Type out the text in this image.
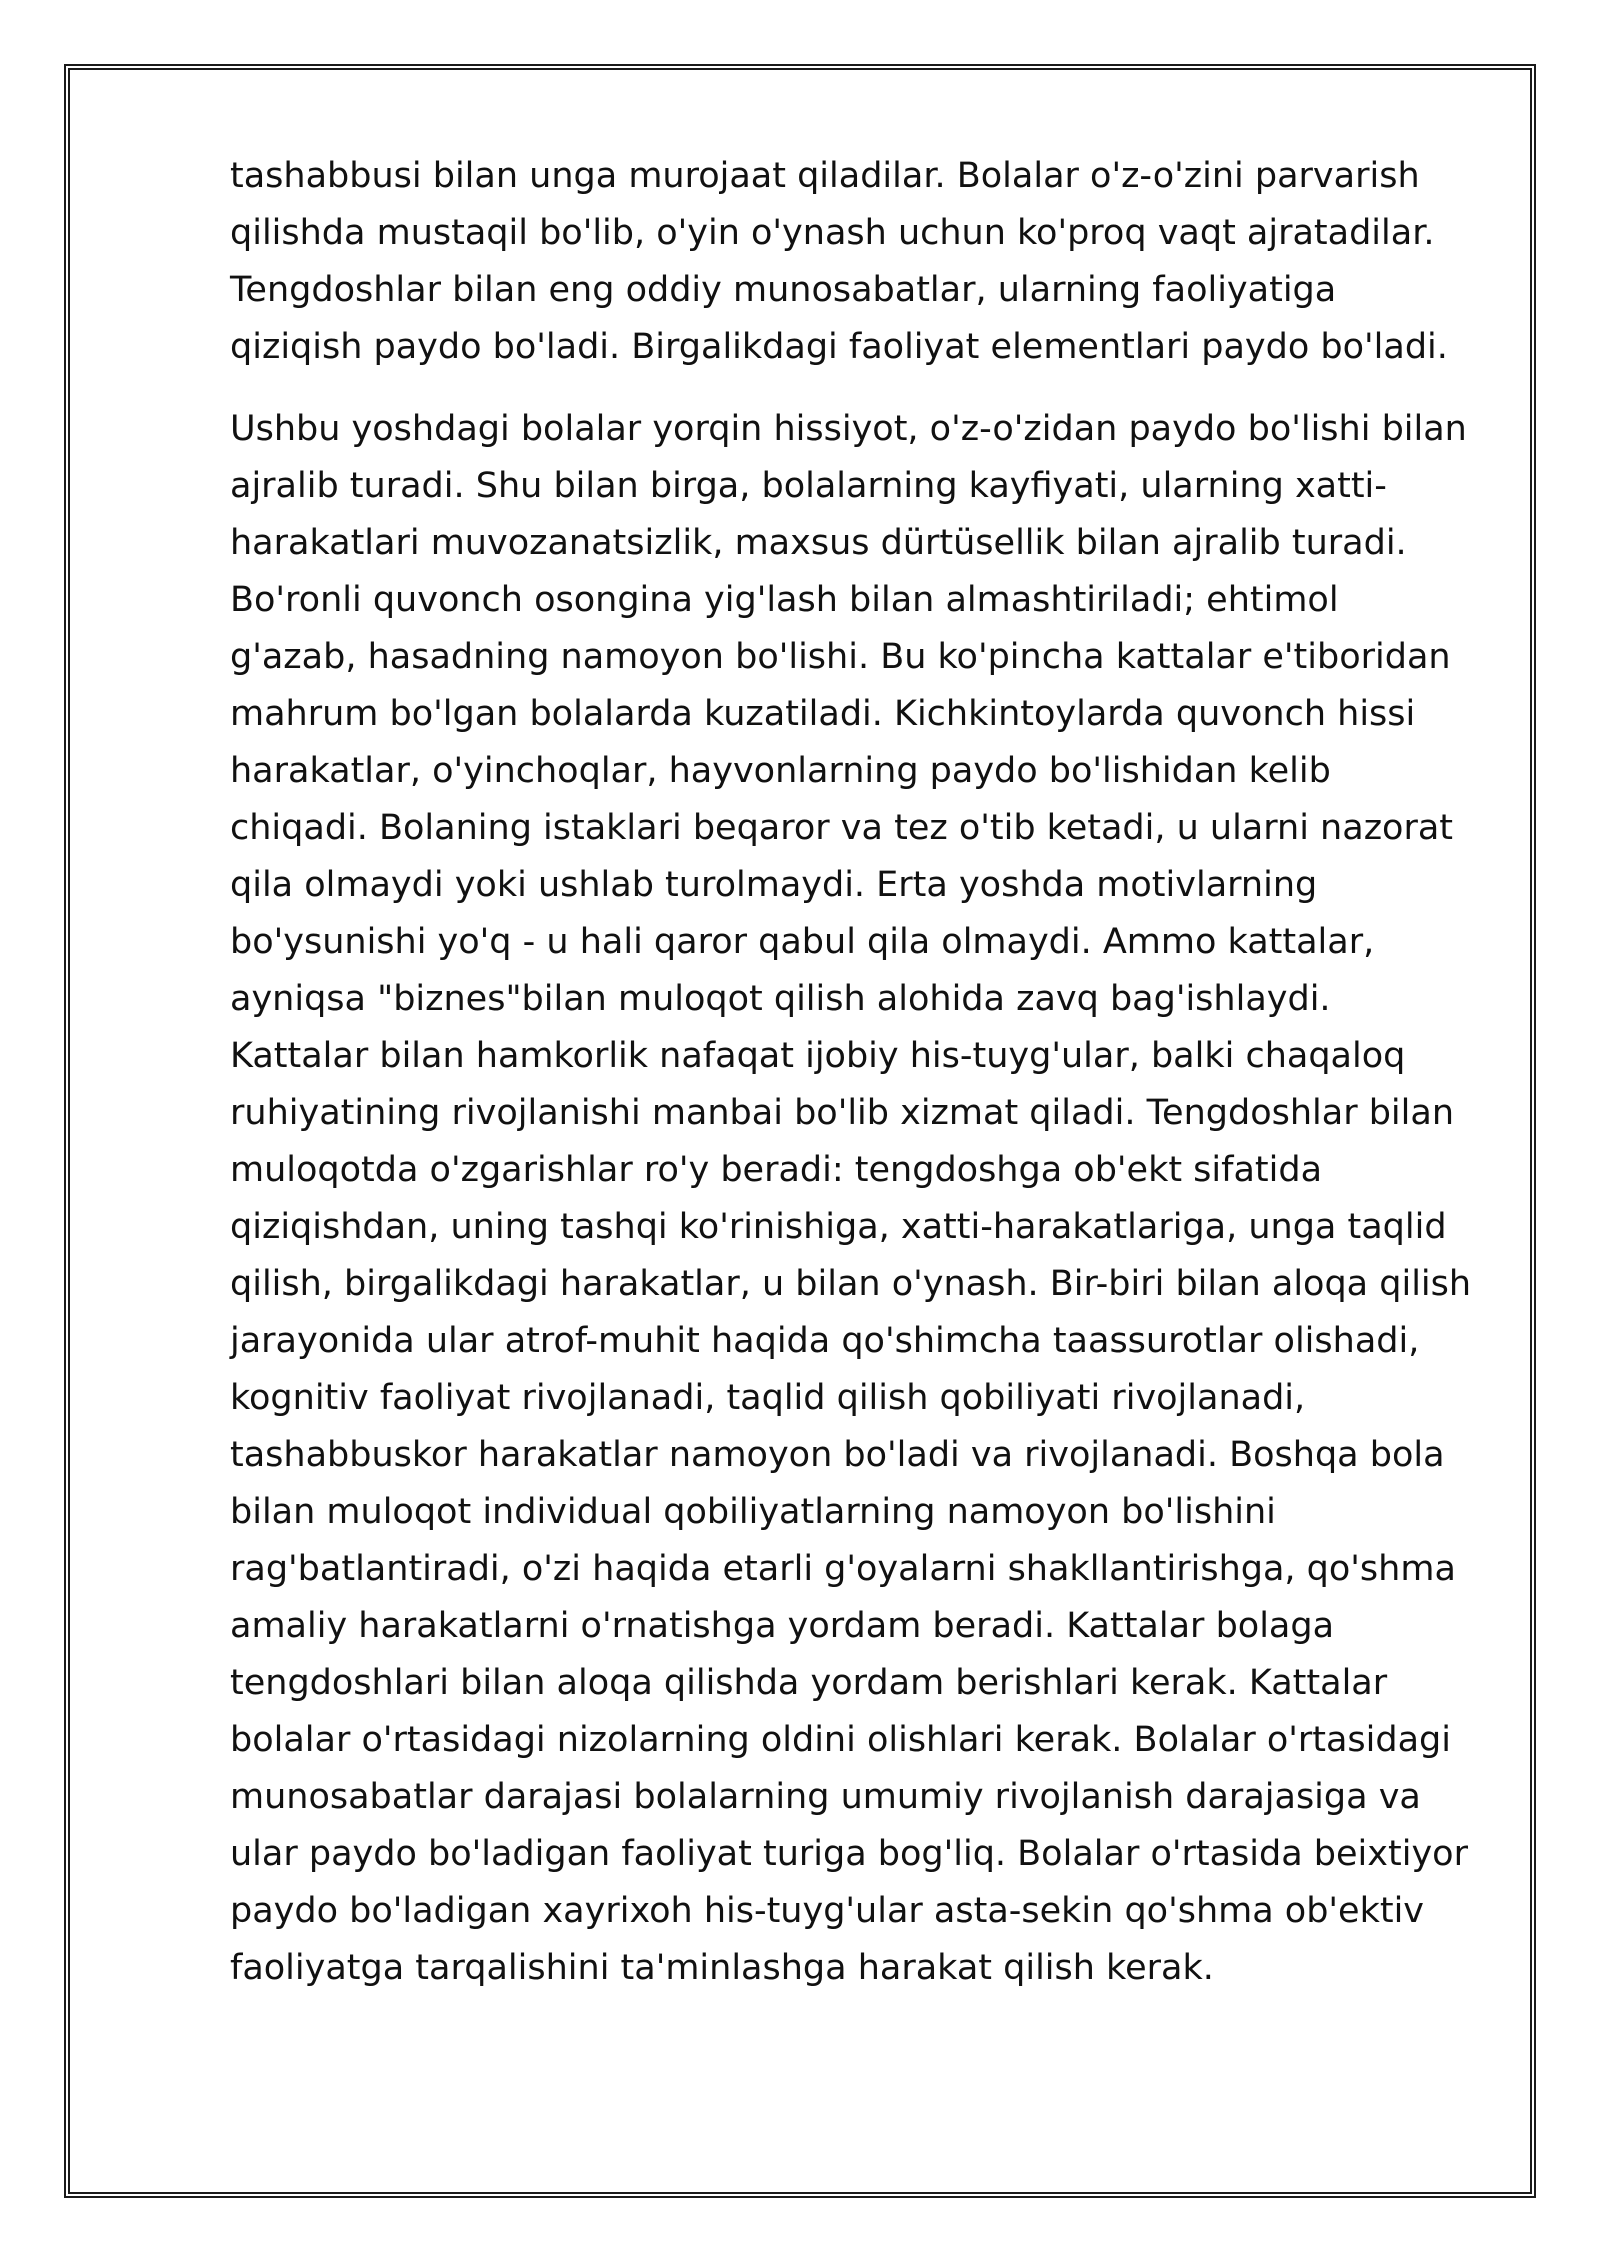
tashabbusi bilan unga murojaat qiladilar. Bolalar o'z-o'zini parvarish qilishda mustaqil bo'lib, o'yin o'ynash uchun ko'proq vaqt ajratadilar. Tengdoshlar bilan eng oddiy munosabatlar, ularning faoliyatiga qiziqish paydo bo'ladi. Birgalikdagi faoliyat elementlari paydo bo'ladi.

Ushbu yoshdagi bolalar yorqin hissiyot, o'z-o'zidan paydo bo'lishi bilan ajralib turadi. Shu bilan birga, bolalarning kayfiyati, ularning xatti-harakatlari muvozanatsizlik, maxsus dürtüsellik bilan ajralib turadi. Bo'ronli quvonch osongina yig'lash bilan almashtiriladi; ehtimol g'azab, hasadning namoyon bo'lishi. Bu ko'pincha kattalar e'tiboridan mahrum bo'lgan bolalarda kuzatiladi. Kichkintoylarda quvonch hissi harakatlar, o'yinchoqlar, hayvonlarning paydo bo'lishidan kelib chiqadi. Bolaning istaklari beqaror va tez o'tib ketadi, u ularni nazorat qila olmaydi yoki ushlab turolmaydi. Erta yoshda motivlarning bo'ysunishi yo'q - u hali qaror qabul qila olmaydi. Ammo kattalar, ayniqsa "biznes"bilan muloqot qilish alohida zavq bag'ishlaydi. Kattalar bilan hamkorlik nafaqat ijobiy his-tuyg'ular, balki chaqaloq ruhiyatining rivojlanishi manbai bo'lib xizmat qiladi. Tengdoshlar bilan muloqotda o'zgarishlar ro'y beradi: tengdoshga ob'ekt sifatida qiziqishdan, uning tashqi ko'rinishiga, xatti-harakatlariga, unga taqlid qilish, birgalikdagi harakatlar, u bilan o'ynash. Bir-biri bilan aloqa qilish jarayonida ular atrof-muhit haqida qo'shimcha taassurotlar olishadi, kognitiv faoliyat rivojlanadi, taqlid qilish qobiliyati rivojlanadi, tashabbuskor harakatlar namoyon bo'ladi va rivojlanadi. Boshqa bola bilan muloqot individual qobiliyatlarning namoyon bo'lishini rag'batlantiradi, o'zi haqida etarli g'oyalarni shakllantirishga, qo'shma amaliy harakatlarni o'rnatishga yordam beradi. Kattalar bolaga tengdoshlari bilan aloqa qilishda yordam berishlari kerak. Kattalar bolalar o'rtasidagi nizolarning oldini olishlari kerak. Bolalar o'rtasidagi munosabatlar darajasi bolalarning umumiy rivojlanish darajasiga va ular paydo bo'ladigan faoliyat turiga bog'liq. Bolalar o'rtasida beixtiyor paydo bo'ladigan xayrixoh his-tuyg'ular asta-sekin qo'shma ob'ektiv faoliyatga tarqalishini ta'minlashga harakat qilish kerak.
